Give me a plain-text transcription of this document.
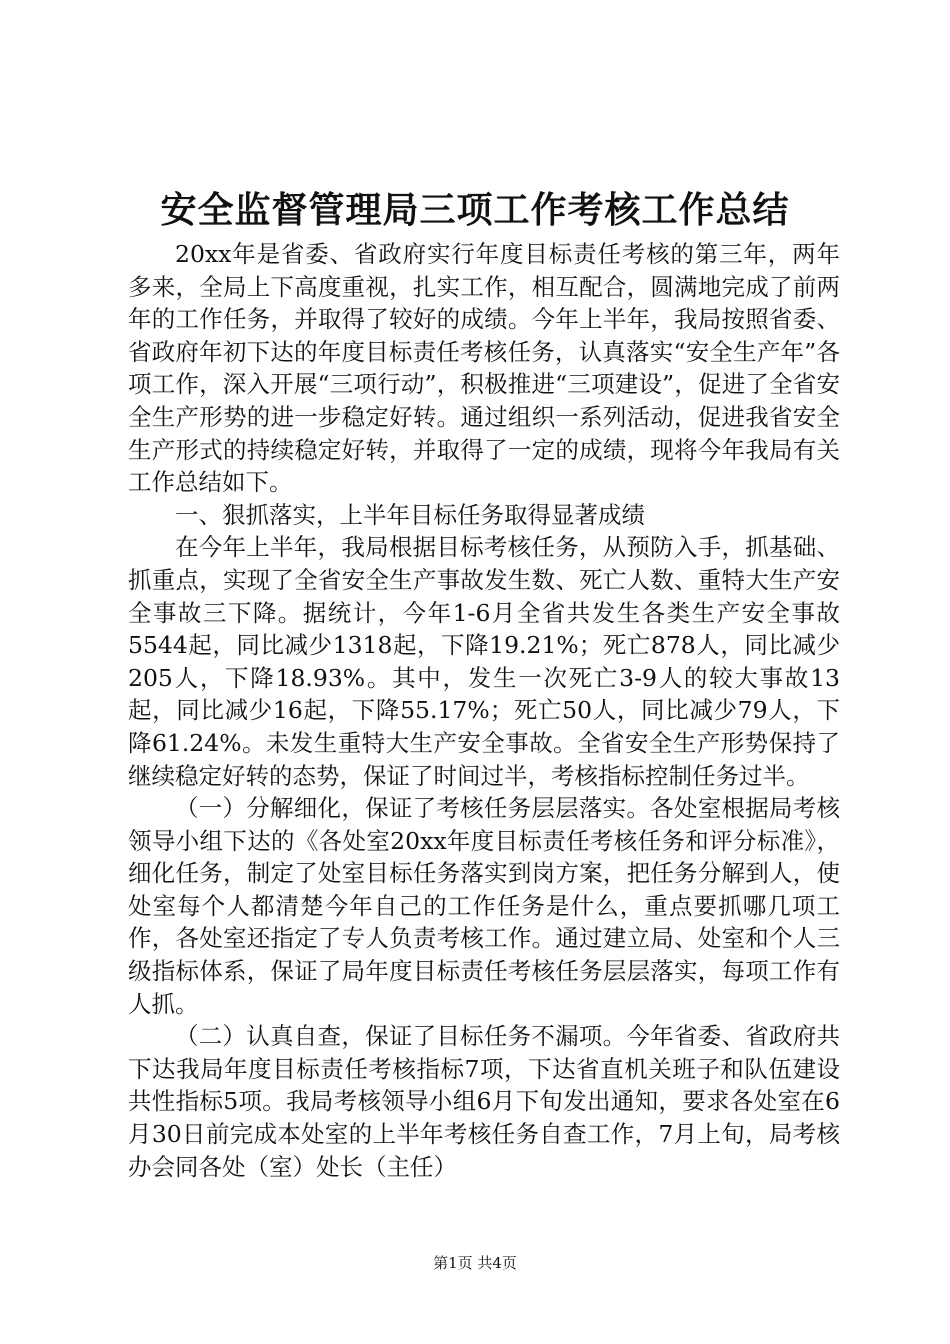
安全监督管理局三项工作考核工作总结

20xx年是省委、省政府实行年度目标责任考核的第三年，两年多来，全局上下高度重视，扎实工作，相互配合，圆满地完成了前两年的工作任务，并取得了较好的成绩。今年上半年，我局按照省委、省政府年初下达的年度目标责任考核任务，认真落实“安全生产年”各项工作，深入开展“三项行动”，积极推进“三项建设”，促进了全省安全生产形势的进一步稳定好转。通过组织一系列活动，促进我省安全生产形式的持续稳定好转，并取得了一定的成绩，现将今年我局有关工作总结如下。

一、狠抓落实，上半年目标任务取得显著成绩

在今年上半年，我局根据目标考核任务，从预防入手，抓基础、抓重点，实现了全省安全生产事故发生数、死亡人数、重特大生产安全事故三下降。据统计，今年1-6月全省共发生各类生产安全事故5544起，同比减少1318起，下降19.21%；死亡878人，同比减少205人，下降18.93%。其中，发生一次死亡3-9人的较大事故13起，同比减少16起，下降55.17%；死亡50人，同比减少79人，下降61.24%。未发生重特大生产安全事故。全省安全生产形势保持了继续稳定好转的态势，保证了时间过半，考核指标控制任务过半。

（一）分解细化，保证了考核任务层层落实。各处室根据局考核领导小组下达的《各处室20xx年度目标责任考核任务和评分标准》，细化任务，制定了处室目标任务落实到岗方案，把任务分解到人，使处室每个人都清楚今年自己的工作任务是什么，重点要抓哪几项工作，各处室还指定了专人负责考核工作。通过建立局、处室和个人三级指标体系，保证了局年度目标责任考核任务层层落实，每项工作有人抓。

（二）认真自查，保证了目标任务不漏项。今年省委、省政府共下达我局年度目标责任考核指标7项，下达省直机关班子和队伍建设共性指标5项。我局考核领导小组6月下旬发出通知，要求各处室在6月30日前完成本处室的上半年考核任务自查工作，7月上旬，局考核办会同各处（室）处长（主任）

第1页 共4页
